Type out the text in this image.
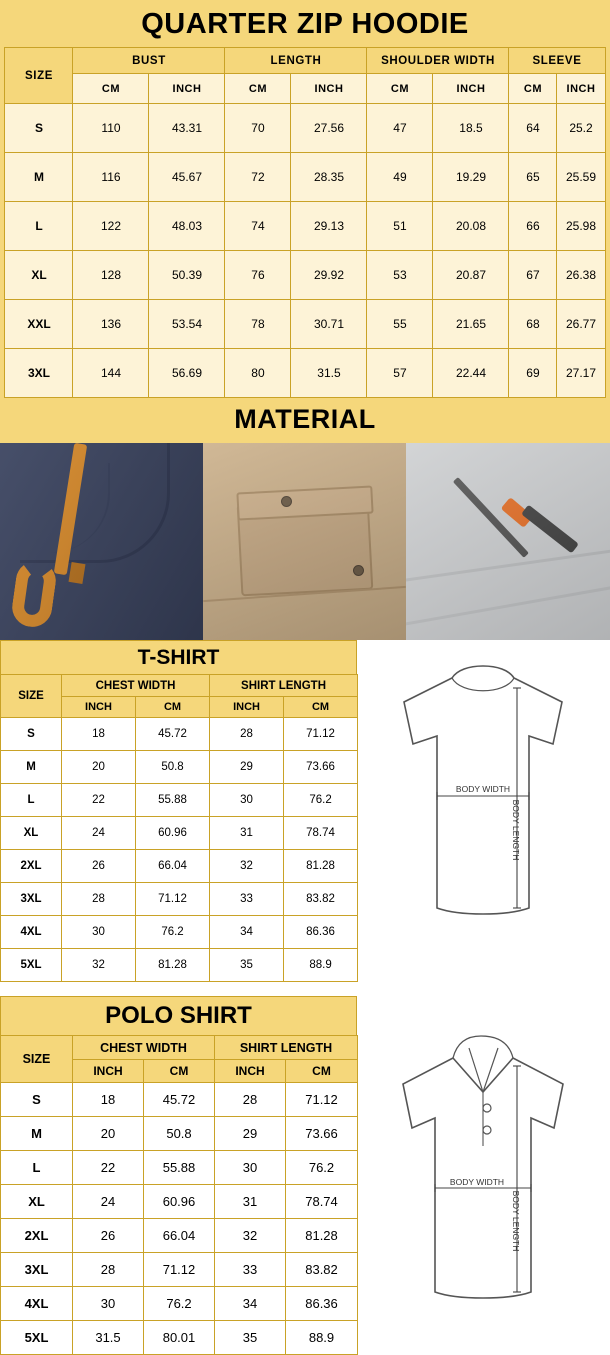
QUARTER ZIP HOODIE
SIZE	BUST		LENGTH		SHOULDER WIDTH		SLEEVE	
	CM	INCH	CM	INCH	CM	INCH	CM	INCH
S	110	43.31	70	27.56	47	18.5	64	25.2
M	116	45.67	72	28.35	49	19.29	65	25.59
L	122	48.03	74	29.13	51	20.08	66	25.98
XL	128	50.39	76	29.92	53	20.87	67	26.38
XXL	136	53.54	78	30.71	55	21.65	68	26.77
3XL	144	56.69	80	31.5	57	22.44	69	27.17
MATERIAL
T-SHIRT
SIZE	CHEST WIDTH		SHIRT LENGTH	
	INCH	CM	INCH	CM
S	18	45.72	28	71.12
M	20	50.8	29	73.66
L	22	55.88	30	76.2
XL	24	60.96	31	78.74
2XL	26	66.04	32	81.28
3XL	28	71.12	33	83.82
4XL	30	76.2	34	86.36
5XL	32	81.28	35	88.9
BODY WIDTH
BODY LENGTH
POLO SHIRT
SIZE	CHEST WIDTH		SHIRT LENGTH	
	INCH	CM	INCH	CM
S	18	45.72	28	71.12
M	20	50.8	29	73.66
L	22	55.88	30	76.2
XL	24	60.96	31	78.74
2XL	26	66.04	32	81.28
3XL	28	71.12	33	83.82
4XL	30	76.2	34	86.36
5XL	31.5	80.01	35	88.9
BODY WIDTH
BODY LENGTH
